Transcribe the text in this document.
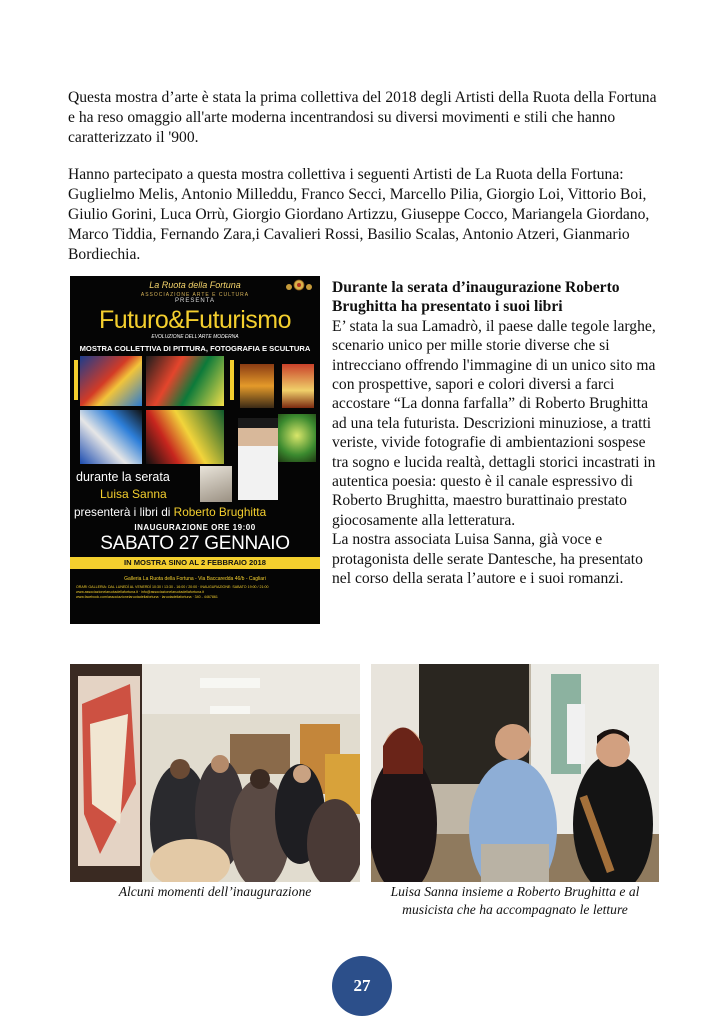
Questa mostra d’arte è stata la prima collettiva del 2018 degli Artisti della Ruota della Fortuna e ha reso omaggio all'arte moderna incentrandosi su diversi movimenti e stili che hanno caratterizzato il '900.

Hanno partecipato a questa mostra collettiva i seguenti Artisti de La Ruota della Fortuna: Guglielmo Melis, Antonio Milleddu, Franco Secci, Marcello Pilia, Giorgio Loi, Vittorio Boi, Giulio Gorini, Luca Orrù, Giorgio Giordano Artizzu, Giuseppe Cocco, Mariangela Giordano, Marco Tiddia, Fernando Zara,i Cavalieri Rossi, Basilio Scalas, Antonio Atzeri, Gianmario Bordiechia.

La Ruota della Fortuna
ASSOCIAZIONE ARTE E CULTURA
PRESENTA
Futuro&Futurismo
EVOLUZIONE DELL'ARTE MODERNA
MOSTRA COLLETTIVA DI PITTURA, FOTOGRAFIA E SCULTURA
durante la serata
Luisa Sanna
presenterà i libri di Roberto Brughitta
INAUGURAZIONE ORE 19:00
SABATO 27 GENNAIO
IN MOSTRA SINO AL 2 FEBBRAIO 2018
Galleria La Ruota della Fortuna - Via Baccaredda 46/b - Cagliari
ORARI GALLERIA: DAL LUNEDÌ AL VENERDÌ 10:30 / 13:30 - 16:00 / 20:00 · INAUGURAZIONE: SABATO 19:00 / 21:00
www.associazionelaruotadellafortuna.it · info@associazionelaruotadellafortuna.it
www.facebook.com/associazionelaruotadellafortuna · laruotadellafortuna · 340 - 4467861
Durante la serata d’inaugurazione Roberto Brughitta ha presentato i suoi libri
E’ stata la sua Lamadrò, il paese dalle tegole larghe, scenario unico per mille storie diverse che si intrecciano offrendo l'immagine di un unico sito ma con prospettive, sapori e colori diversi a farci accostare “La donna farfalla” di Roberto Brughitta ad una tela futurista. Descrizioni minuziose, a tratti veriste, vivide fotografie di ambientazioni sospese tra sogno e lucida realtà, dettagli storici incastrati in autentica poesia: questo è il canale espressivo di Roberto Brughitta, maestro burattinaio prestato giocosamente alla letteratura.
La nostra associata Luisa Sanna, già voce e protagonista delle serate Dantesche, ha presentato nel corso della serata l’autore e i suoi romanzi.

Alcuni momenti dell’inaugurazione	Luisa Sanna insieme a Roberto Brughitta e al musicista che ha accompagnato le letture

27
